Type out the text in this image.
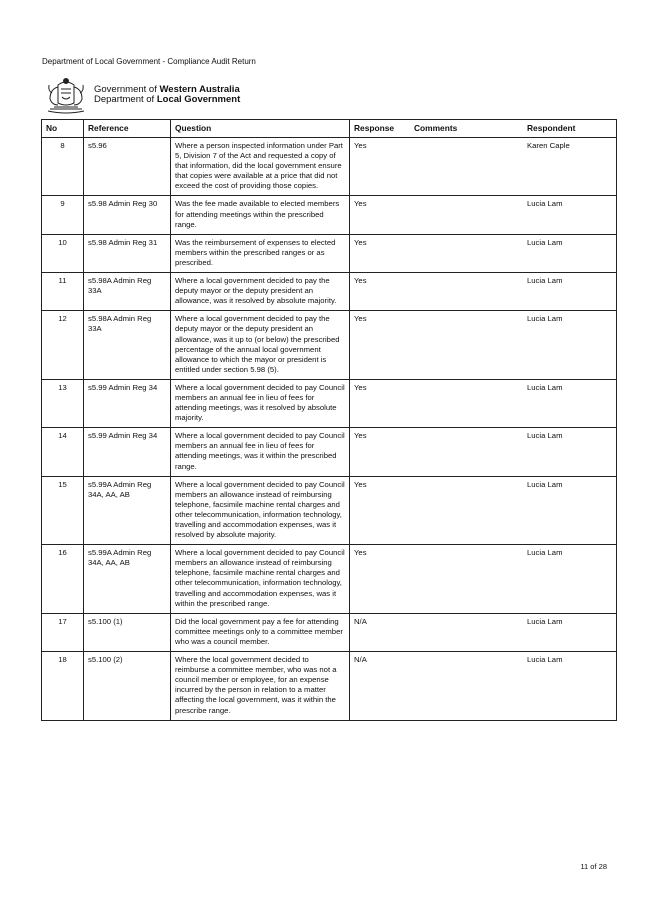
Department of Local Government - Compliance Audit Return
Government of Western Australia
Department of Local Government
No	Reference	Question	Response	Comments	Respondent
8	s5.96	Where a person inspected information under Part 5, Division 7 of the Act and requested a copy of that information, did the local government ensure that copies were available at a price that did not exceed the cost of providing those copies.	Yes		Karen Caple
9	s5.98 Admin Reg 30	Was the fee made available to elected members for attending meetings within the prescribed range.	Yes		Lucia Lam
10	s5.98 Admin Reg 31	Was the reimbursement of expenses to elected members within the prescribed ranges or as prescribed.	Yes		Lucia Lam
11	s5.98A Admin Reg 33A	Where a local government decided to pay the deputy mayor or the deputy president an allowance, was it resolved by absolute majority.	Yes		Lucia Lam
12	s5.98A Admin Reg 33A	Where a local government decided to pay the deputy mayor or the deputy president an allowance, was it up to (or below) the prescribed percentage of the annual local government allowance to which the mayor or president is entitled under section 5.98 (5).	Yes		Lucia Lam
13	s5.99 Admin Reg 34	Where a local government decided to pay Council members an annual fee in lieu of fees for attending meetings, was it resolved by absolute majority.	Yes		Lucia Lam
14	s5.99 Admin Reg 34	Where a local government decided to pay Council members an annual fee in lieu of fees for attending meetings, was it within the prescribed range.	Yes		Lucia Lam
15	s5.99A Admin Reg 34A, AA, AB	Where a local government decided to pay Council members an allowance instead of reimbursing telephone, facsimile machine rental charges and other telecommunication, information technology, travelling and accommodation expenses, was it resolved by absolute majority.	Yes		Lucia Lam
16	s5.99A Admin Reg 34A, AA, AB	Where a local government decided to pay Council members an allowance instead of reimbursing telephone, facsimile machine rental charges and other telecommunication, information technology, travelling and accommodation expenses, was it within the prescribed range.	Yes		Lucia Lam
17	s5.100 (1)	Did the local government pay a fee for attending committee meetings only to a committee member who was a council member.	N/A		Lucia Lam
18	s5.100 (2)	Where the local government decided to reimburse a committee member, who was not a council member or employee, for an expense incurred by the person in relation to a matter affecting the local government, was it within the prescribe range.	N/A		Lucia Lam
11 of 28
